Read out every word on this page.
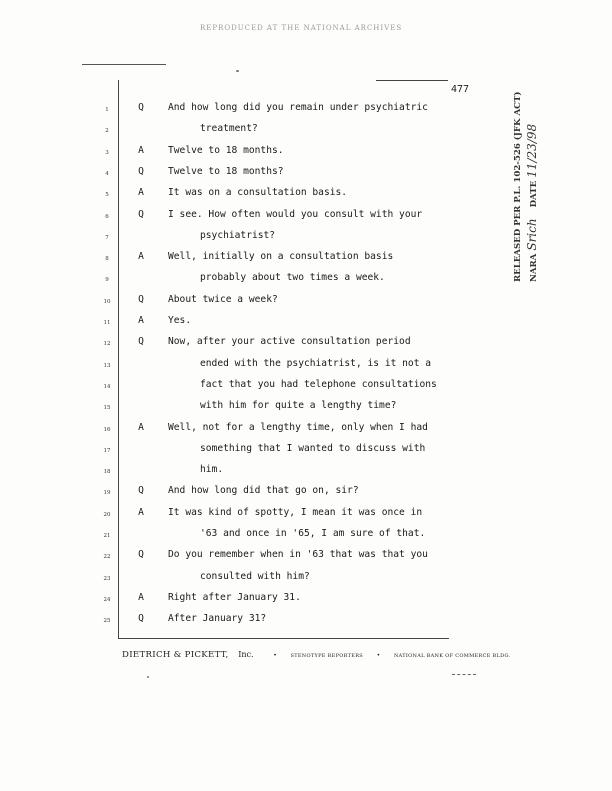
REPRODUCED AT THE NATIONAL ARCHIVES
477
RELEASED PER P.L. 102-526 (JFK ACT) NARA Srich DATE 11/23/98
1	Q	And how long did you remain under psychiatric
2	treatment?
3	A	Twelve to 18 months.
4	Q	Twelve to 18 months?
5	A	It was on a consultation basis.
6	Q	I see. How often would you consult with your
7	psychiatrist?
8	A	Well, initially on a consultation basis
9	probably about two times a week.
10	Q	About twice a week?
11	A	Yes.
12	Q	Now, after your active consultation period
13	ended with the psychiatrist, is it not a
14	fact that you had telephone consultations
15	with him for quite a lengthy time?
16	A	Well, not for a lengthy time, only when I had
17	something that I wanted to discuss with
18	him.
19	Q	And how long did that go on, sir?
20	A	It was kind of spotty, I mean it was once in
21	'63 and once in '65, I am sure of that.
22	Q	Do you remember when in '63 that was that you
23	consulted with him?
24	A	Right after January 31.
25	Q	After January 31?
DIETRICH & PICKETT, Inc.	•	STENOTYPE REPORTERS •	NATIONAL BANK OF COMMERCE BLDG.
